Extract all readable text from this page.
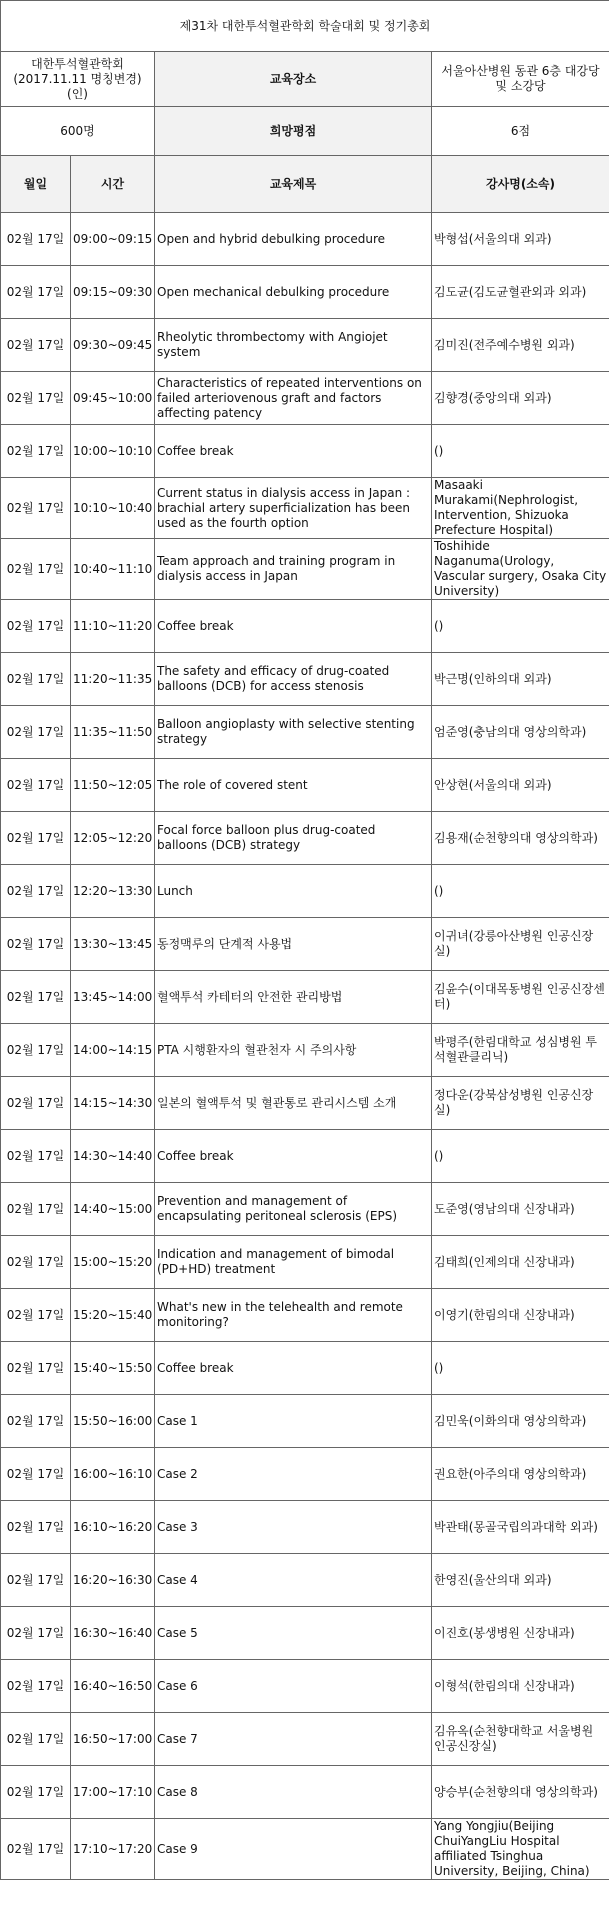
제31차 대한투석혈관학회 학술대회 및 정기총회			
대한투석혈관학회
(2017.11.11 명칭변경)(인)		교육장소	서울아산병원 동관 6층 대강당 및 소강당
600명		희망평점	6점
월일	시간	교육제목	강사명(소속)
02월 17일	09:00~09:15	Open and hybrid debulking procedure	박형섭(서울의대 외과)
02월 17일	09:15~09:30	Open mechanical debulking procedure	김도균(김도균혈관외과 외과)
02월 17일	09:30~09:45	Rheolytic thrombectomy with Angiojet system	김미진(전주예수병원 외과)
02월 17일	09:45~10:00	Characteristics of repeated interventions on failed arteriovenous graft and factors affecting patency	김향경(중앙의대 외과)
02월 17일	10:00~10:10	Coffee break	()
02월 17일	10:10~10:40	Current status in dialysis access in Japan : brachial artery superficialization has been used as the fourth option	Masaaki Murakami(Nephrologist, Intervention, Shizuoka Prefecture Hospital)
02월 17일	10:40~11:10	Team approach and training program in dialysis access in Japan	Toshihide Naganuma(Urology, Vascular surgery, Osaka City University)
02월 17일	11:10~11:20	Coffee break	()
02월 17일	11:20~11:35	The safety and efficacy of drug-coated balloons (DCB) for access stenosis	박근명(인하의대 외과)
02월 17일	11:35~11:50	Balloon angioplasty with selective stenting strategy	엄준영(충남의대 영상의학과)
02월 17일	11:50~12:05	The role of covered stent	안상현(서울의대 외과)
02월 17일	12:05~12:20	Focal force balloon plus drug-coated balloons (DCB) strategy	김용재(순천향의대 영상의학과)
02월 17일	12:20~13:30	Lunch	()
02월 17일	13:30~13:45	동정맥루의 단계적 사용법	이귀녀(강릉아산병원 인공신장실)
02월 17일	13:45~14:00	혈액투석 카테터의 안전한 관리방법	김윤수(이대목동병원 인공신장센터)
02월 17일	14:00~14:15	PTA 시행환자의 혈관천자 시 주의사항	박평주(한림대학교 성심병원 투석혈관클리닉)
02월 17일	14:15~14:30	일본의 혈액투석 및 혈관통로 관리시스템 소개	정다운(강북삼성병원 인공신장실)
02월 17일	14:30~14:40	Coffee break	()
02월 17일	14:40~15:00	Prevention and management of encapsulating peritoneal sclerosis (EPS)	도준영(영남의대 신장내과)
02월 17일	15:00~15:20	Indication and management of bimodal (PD+HD) treatment	김태희(인제의대 신장내과)
02월 17일	15:20~15:40	What's new in the telehealth and remote monitoring?	이영기(한림의대 신장내과)
02월 17일	15:40~15:50	Coffee break	()
02월 17일	15:50~16:00	Case 1	김민욱(이화의대 영상의학과)
02월 17일	16:00~16:10	Case 2	권요한(아주의대 영상의학과)
02월 17일	16:10~16:20	Case 3	박관태(몽골국립의과대학 외과)
02월 17일	16:20~16:30	Case 4	한영진(울산의대 외과)
02월 17일	16:30~16:40	Case 5	이진호(봉생병원 신장내과)
02월 17일	16:40~16:50	Case 6	이형석(한림의대 신장내과)
02월 17일	16:50~17:00	Case 7	김유옥(순천향대학교 서울병원 인공신장실)
02월 17일	17:00~17:10	Case 8	양승부(순천향의대 영상의학과)
02월 17일	17:10~17:20	Case 9	Yang Yongjiu(Beijing ChuiYangLiu Hospital affiliated Tsinghua University, Beijing, China)
